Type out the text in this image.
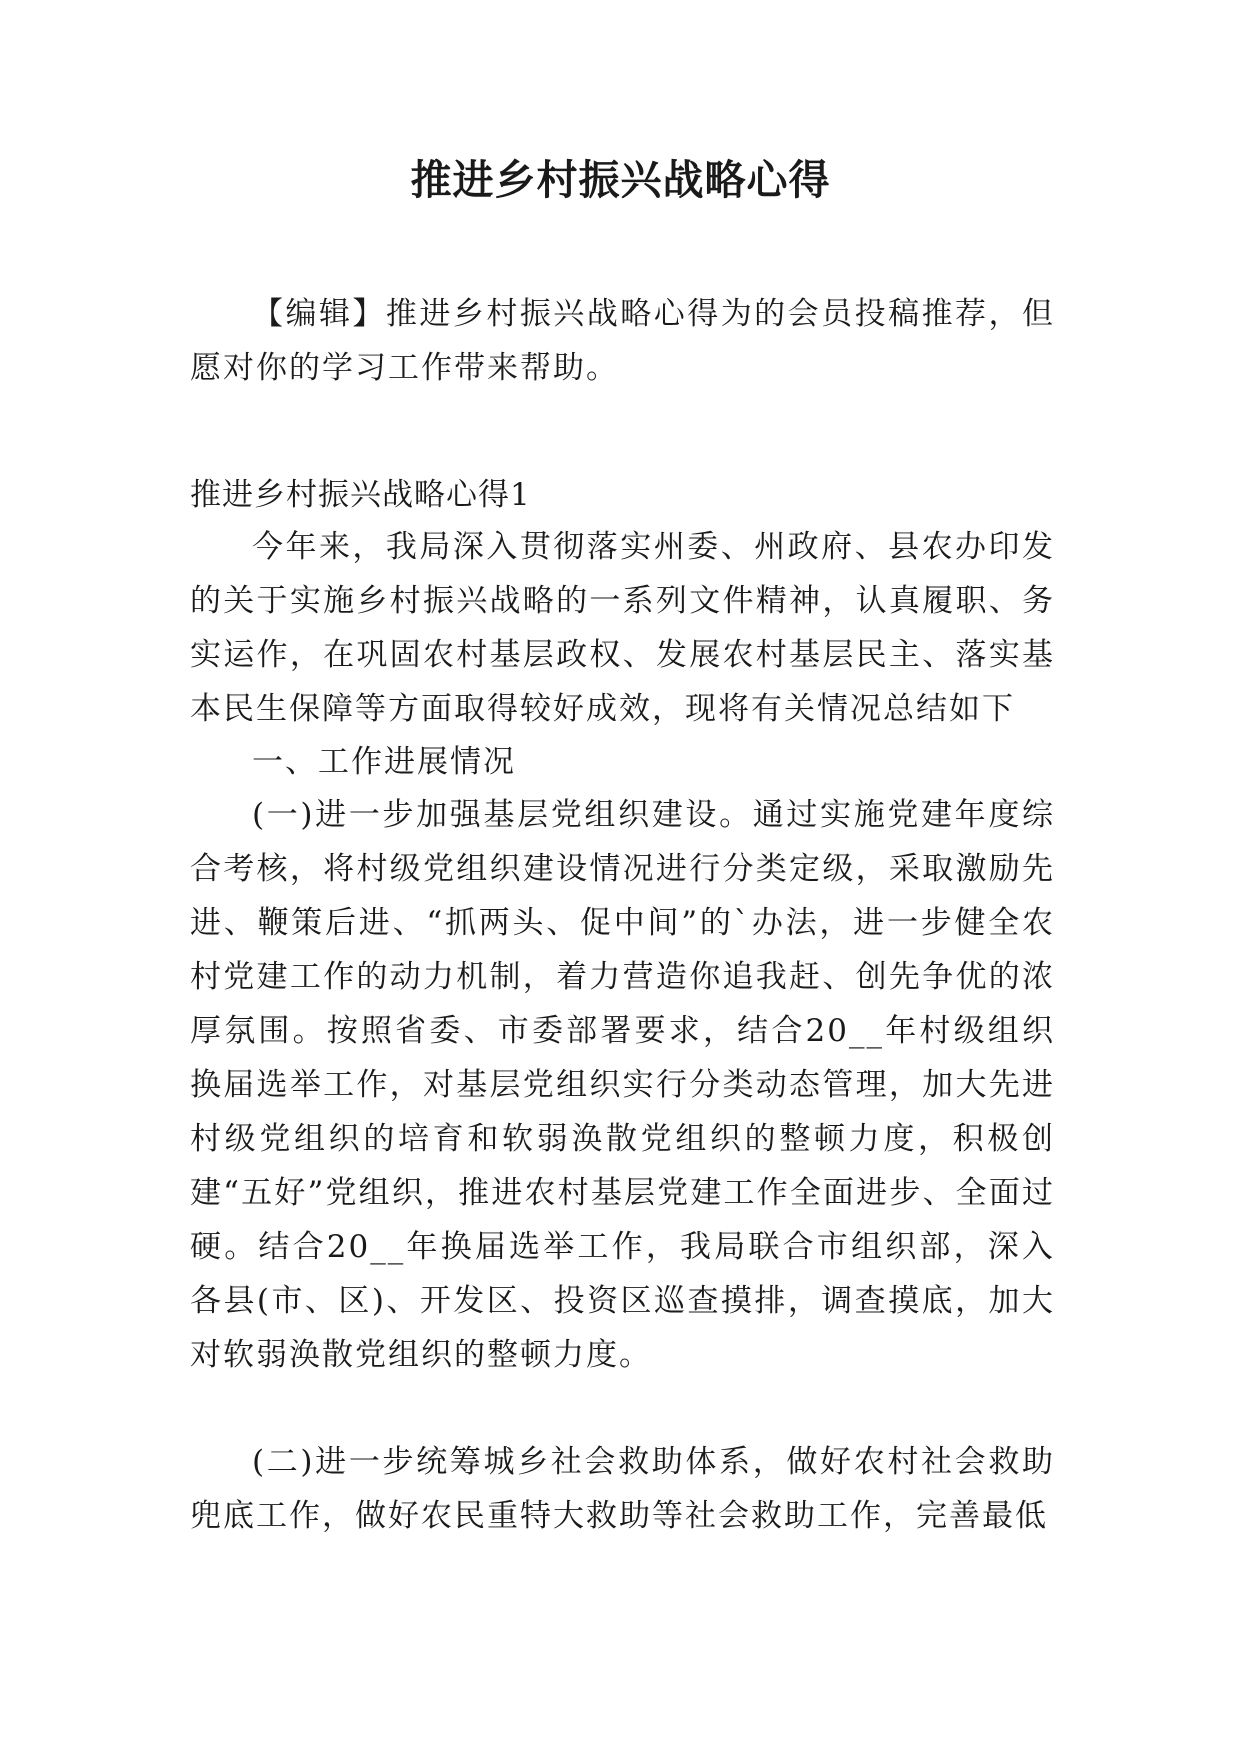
推进乡村振兴战略心得

【编辑】推进乡村振兴战略心得为的会员投稿推荐，但愿对你的学习工作带来帮助。

推进乡村振兴战略心得1

今年来，我局深入贯彻落实州委、州政府、县农办印发的关于实施乡村振兴战略的一系列文件精神，认真履职、务实运作，在巩固农村基层政权、发展农村基层民主、落实基本民生保障等方面取得较好成效，现将有关情况总结如下

一、工作进展情况

(一)进一步加强基层党组织建设。通过实施党建年度综合考核，将村级党组织建设情况进行分类定级，采取激励先进、鞭策后进、“抓两头、促中间”的`办法，进一步健全农村党建工作的动力机制，着力营造你追我赶、创先争优的浓厚氛围。按照省委、市委部署要求，结合20__年村级组织换届选举工作，对基层党组织实行分类动态管理，加大先进村级党组织的培育和软弱涣散党组织的整顿力度，积极创建“五好”党组织，推进农村基层党建工作全面进步、全面过硬。结合20__年换届选举工作，我局联合市组织部，深入各县(市、区)、开发区、投资区巡查摸排，调查摸底，加大对软弱涣散党组织的整顿力度。

(二)进一步统筹城乡社会救助体系，做好农村社会救助兜底工作，做好农民重特大救助等社会救助工作，完善最低
